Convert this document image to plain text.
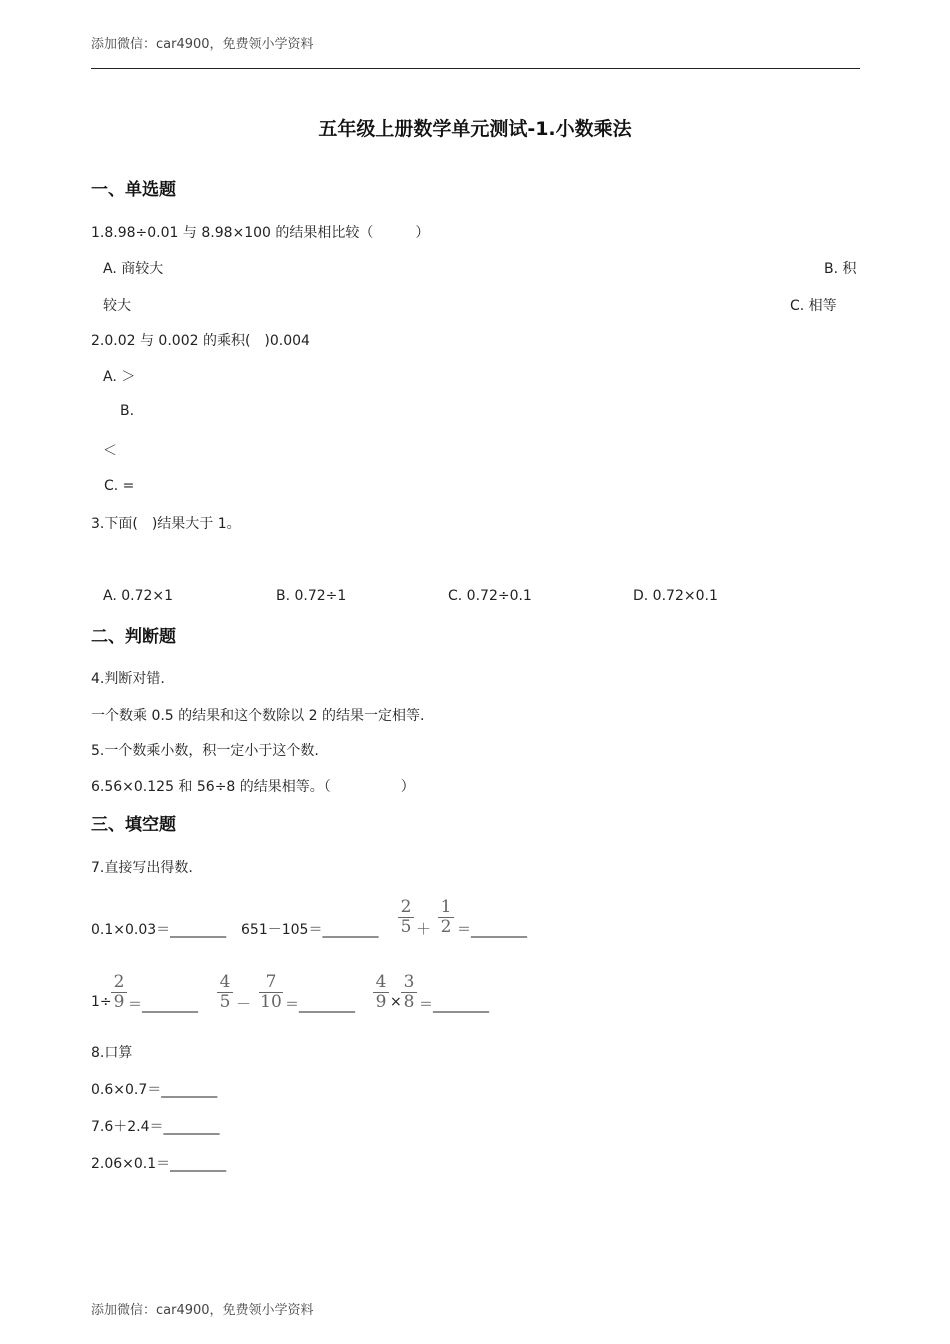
添加微信：car4900，免费领小学资料
五年级上册数学单元测试-1.小数乘法
一、单选题
1.8.98÷0.01 与 8.98×100 的结果相比较（　　　）
A. 商较大	B. 积
较大	C. 相等
2.0.02 与 0.002 的乘积(　)0.004
A. ＞
B.
＜
C. =
3.下面(　)结果大于 1。
A. 0.72×1	B. 0.72÷1	C. 0.72÷0.1	D. 0.72×0.1
二、判断题
4.判断对错.
一个数乘 0.5 的结果和这个数除以 2 的结果一定相等.
5.一个数乘小数，积一定小于这个数.
6.56×0.125 和 56÷8 的结果相等。（　　　　　）
三、填空题
7.直接写出得数.
0.1×0.03＝________ 651－105＝________
2
5 ＋
1
2 ＝________
1÷
2
9 ＝________
4
5 －
7
10 ＝________
4
9 ×
3
8 ＝________
8.口算
0.6×0.7＝________
7.6＋2.4＝________
2.06×0.1＝________
添加微信：car4900，免费领小学资料
